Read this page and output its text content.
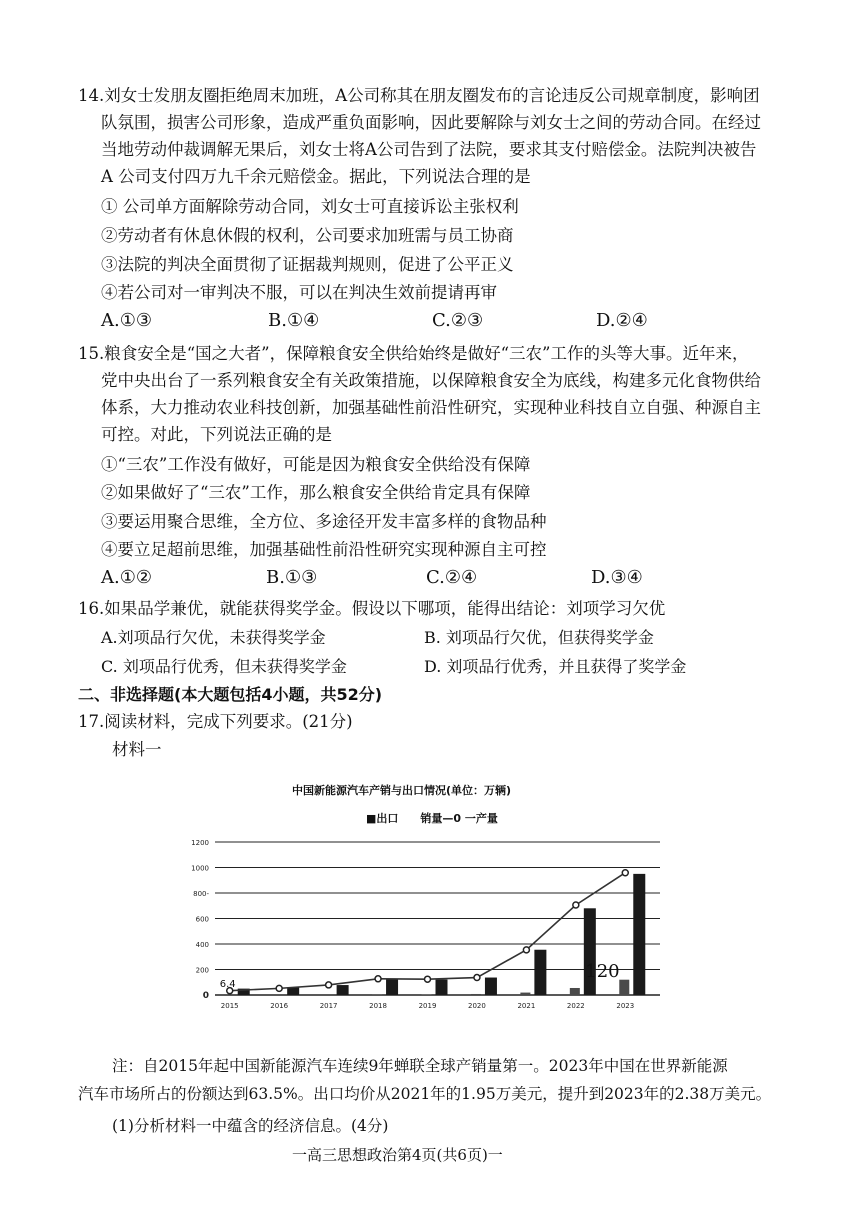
14.刘女士发朋友圈拒绝周末加班，A公司称其在朋友圈发布的言论违反公司规章制度，影响团
队氛围，损害公司形象，造成严重负面影响，因此要解除与刘女士之间的劳动合同。在经过
当地劳动仲裁调解无果后，刘女士将A公司告到了法院，要求其支付赔偿金。法院判决被告
A 公司支付四万九千余元赔偿金。据此，下列说法合理的是
① 公司单方面解除劳动合同，刘女士可直接诉讼主张权利
②劳动者有休息休假的权利，公司要求加班需与员工协商
③法院的判决全面贯彻了证据裁判规则，促进了公平正义
④若公司对一审判决不服，可以在判决生效前提请再审
A.①③	B.①④	C.②③	D.②④
15.粮食安全是“国之大者”，保障粮食安全供给始终是做好“三农”工作的头等大事。近年来，
党中央出台了一系列粮食安全有关政策措施，以保障粮食安全为底线，构建多元化食物供给
体系，大力推动农业科技创新，加强基础性前沿性研究，实现种业科技自立自强、种源自主
可控。对此，下列说法正确的是
①“三农”工作没有做好，可能是因为粮食安全供给没有保障
②如果做好了“三农”工作，那么粮食安全供给肯定具有保障
③要运用聚合思维，全方位、多途径开发丰富多样的食物品种
④要立足超前思维，加强基础性前沿性研究实现种源自主可控
A.①②	B.①③	C.②④	D.③④
16.如果品学兼优，就能获得奖学金。假设以下哪项，能得出结论：刘项学习欠优
A.刘项品行欠优，未获得奖学金	B. 刘项品行欠优，但获得奖学金
C. 刘项品行优秀，但未获得奖学金	D. 刘项品行优秀，并且获得了奖学金
二、非选择题(本大题包括4小题，共52分)
17.阅读材料，完成下列要求。(21分)
材料一
中国新能源汽车产销与出口情况(单位：万辆)
■出口　　销量—0 一产量
1200
1000
800-
600
400
200
0
2015	2016	2017	2018	2019	2020	2021	2022	2023
6.4
120
注：自2015年起中国新能源汽车连续9年蝉联全球产销量第一。2023年中国在世界新能源
汽车市场所占的份额达到63.5%。出口均价从2021年的1.95万美元，提升到2023年的2.38万美元。
(1)分析材料一中蕴含的经济信息。(4分)
一高三思想政治第4页(共6页)一
